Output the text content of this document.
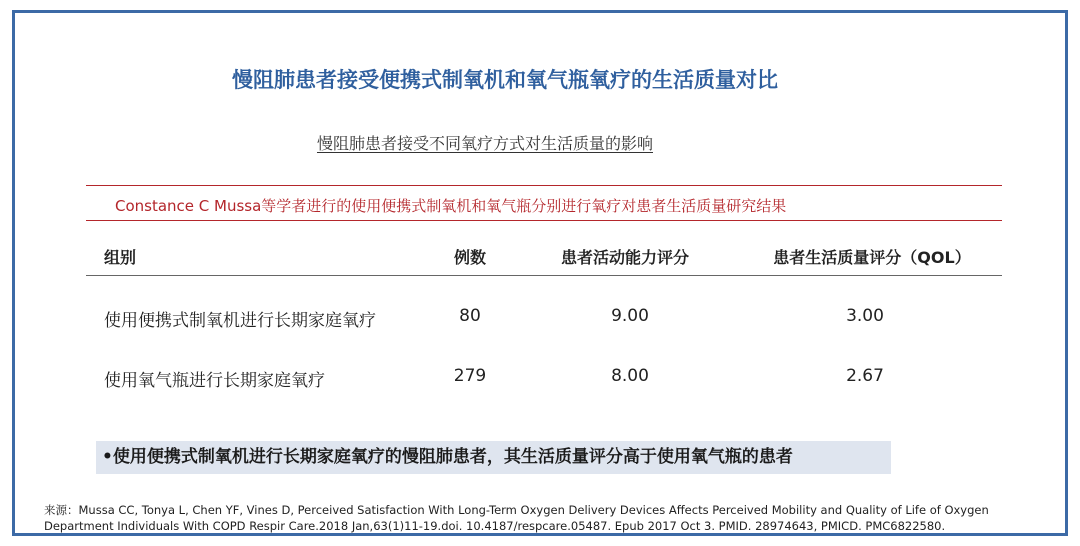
慢阻肺患者接受便携式制氧机和氧气瓶氧疗的生活质量对比
慢阻肺患者接受不同氧疗方式对生活质量的影响
Constance C Mussa等学者进行的使用便携式制氧机和氧气瓶分别进行氧疗对患者生活质量研究结果
组别	例数	患者活动能力评分	患者生活质量评分（QOL）
使用便携式制氧机进行长期家庭氧疗	80	9.00	3.00
使用氧气瓶进行长期家庭氧疗	279	8.00	2.67
•使用便携式制氧机进行长期家庭氧疗的慢阻肺患者，其生活质量评分高于使用氧气瓶的患者
来源：Mussa CC, Tonya L, Chen YF, Vines D, Perceived Satisfaction With Long-Term Oxygen Delivery Devices Affects Perceived Mobility and Quality of Life of Oxygen
Department Individuals With COPD Respir Care.2018 Jan,63(1)11-19.doi. 10.4187/respcare.05487. Epub 2017 Oct 3. PMID. 28974643, PMICD. PMC6822580.
